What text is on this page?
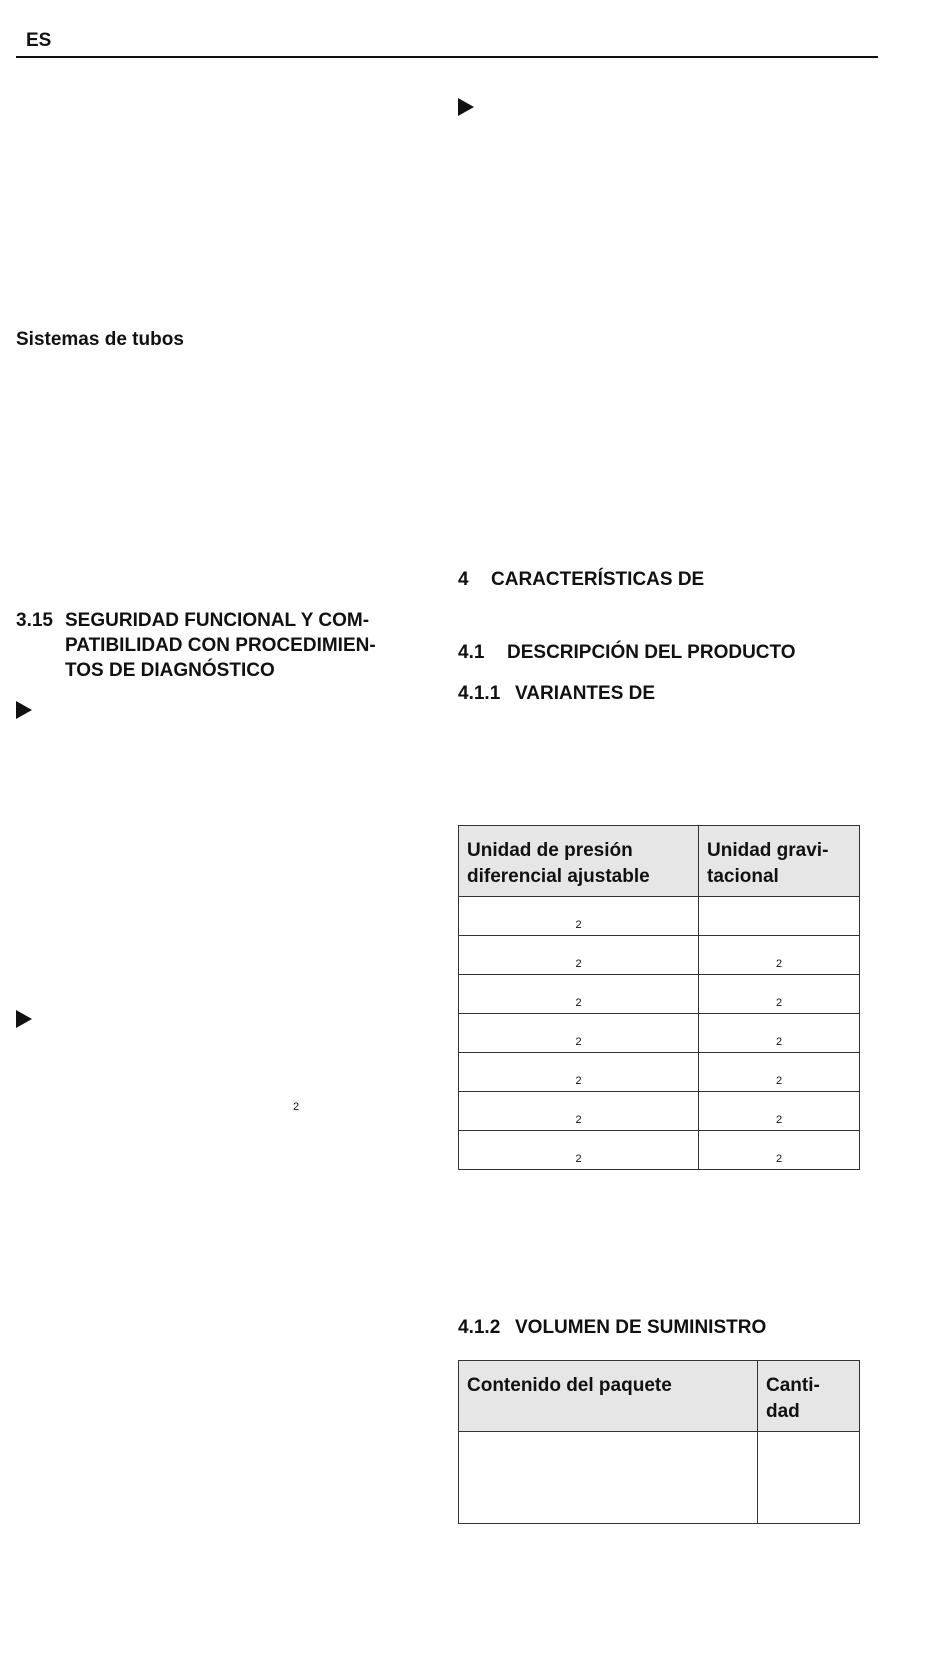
ES
Sistemas de tubos
3.15 SEGURIDAD FUNCIONAL Y COM-
PATIBILIDAD CON PROCEDIMIEN-
TOS DE DIAGNÓSTICO
2
4 CARACTERÍSTICAS DE
4.1 DESCRIPCIÓN DEL PRODUCTO
4.1.1 VARIANTES DE
Unidad de presión
diferencial ajustable	Unidad gravi-
tacional

2	
2	2
2	2
2	2
2	2
2	2
2	2
4.1.2 VOLUMEN DE SUMINISTRO
Contenido del paquete	Canti-
dad
